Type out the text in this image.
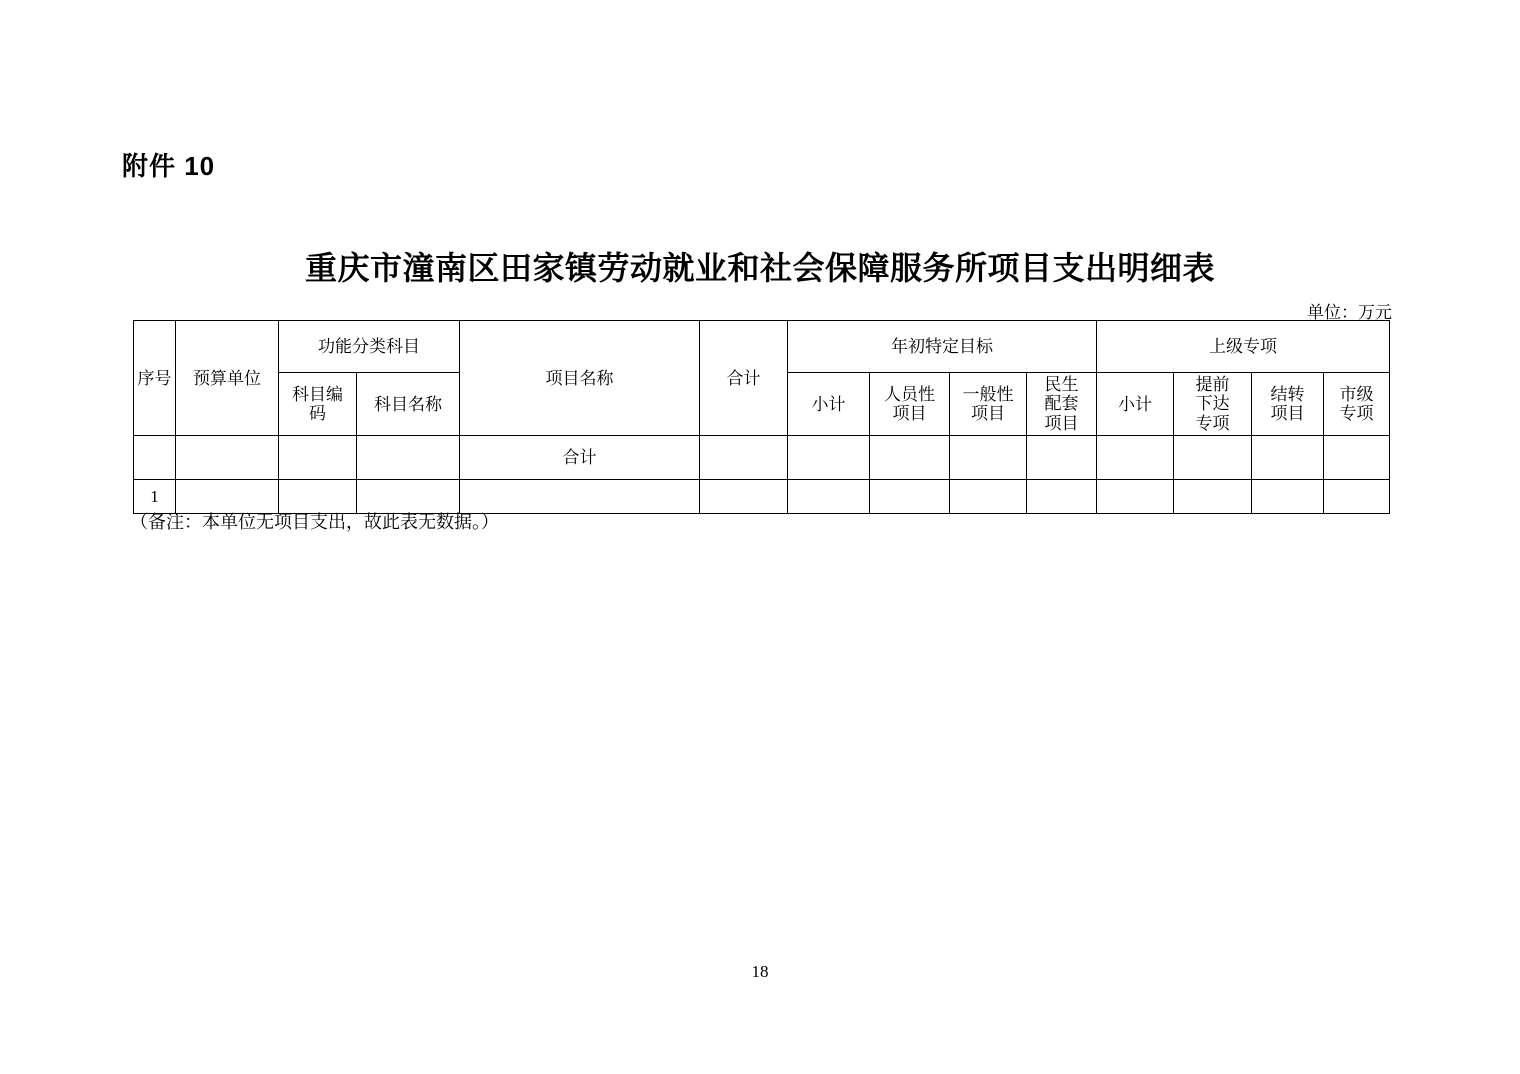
附件 10
重庆市潼南区田家镇劳动就业和社会保障服务所项目支出明细表
单位：万元
序号	预算单位	功能分类科目		项目名称	合计	年初特定目标				上级专项			
		科目编码	科目名称			小计	人员性项目	一般性项目	民生配套项目	小计	提前下达专项	结转项目	市级专项
				合计									
1													
（备注：本单位无项目支出，故此表无数据。）
18
